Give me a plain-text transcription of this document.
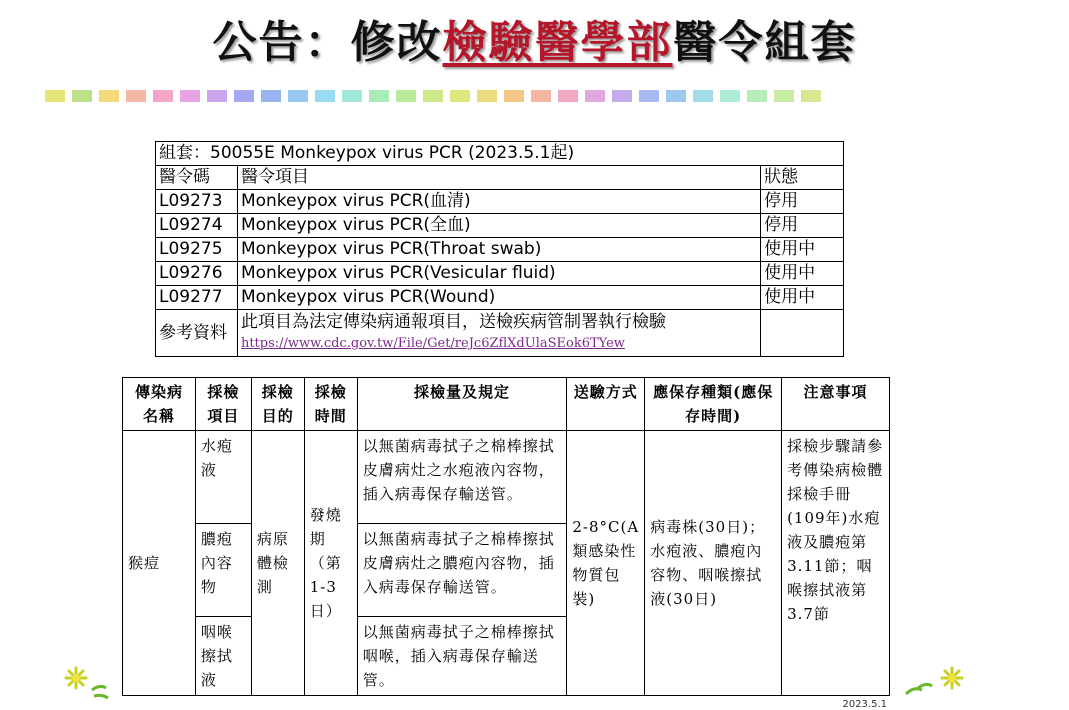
公告：修改檢驗醫學部醫令組套
組套：50055E Monkeypox virus PCR (2023.5.1起)		
醫令碼	醫令項目	狀態
L09273	Monkeypox virus PCR(血清)	停用
L09274	Monkeypox virus PCR(全血)	停用
L09275	Monkeypox virus PCR(Throat swab)	使用中
L09276	Monkeypox virus PCR(Vesicular fluid)	使用中
L09277	Monkeypox virus PCR(Wound)	使用中
參考資料	此項目為法定傳染病通報項目，送檢疾病管制署執行檢驗
https://www.cdc.gov.tw/File/Get/reJc6ZflXdUlaSEok6TYew	
傳染病名稱	採檢項目	採檢目的	採檢時間	採檢量及規定	送驗方式	應保存種類(應保存時間)	注意事項
猴痘	水疱液	病原體檢測	發燒期（第1-3日）	以無菌病毒拭子之棉棒擦拭皮膚病灶之水疱液內容物，插入病毒保存輸送管。	2-8°C(A類感染性物質包裝)	病毒株(30日)；水疱液、膿疱內容物、咽喉擦拭液(30日)	採檢步驟請參考傳染病檢體採檢手冊(109年)水疱液及膿疱第3.11節；咽喉擦拭液第3.7節
	膿疱內容物			以無菌病毒拭子之棉棒擦拭皮膚病灶之膿疱內容物，插入病毒保存輸送管。			
	咽喉擦拭液			以無菌病毒拭子之棉棒擦拭咽喉，插入病毒保存輸送管。			
2023.5.1
